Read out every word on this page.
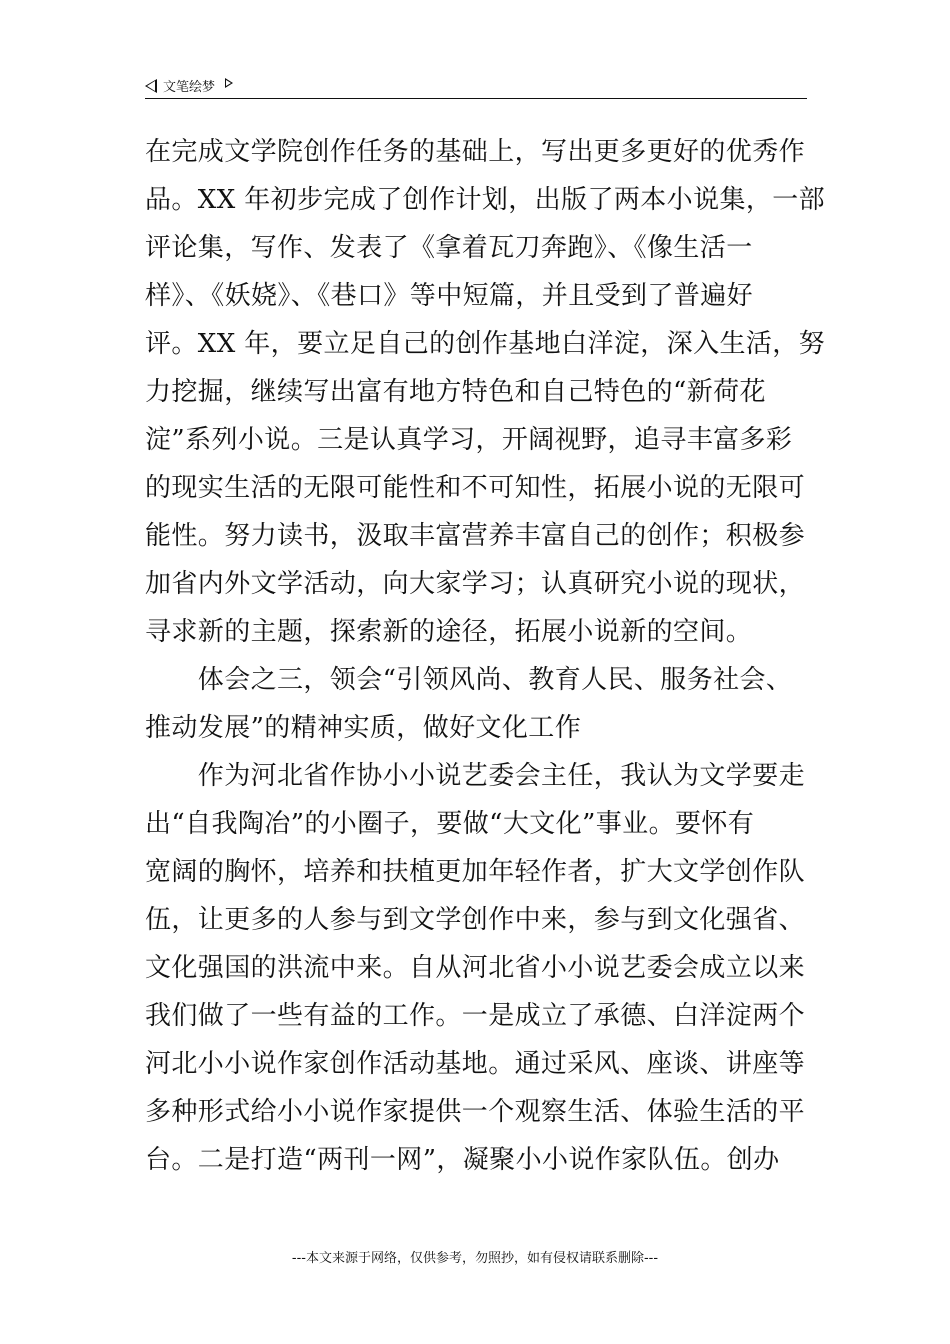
文笔绘梦
在完成文学院创作任务的基础上，写出更多更好的优秀作
品。XX 年初步完成了创作计划，出版了两本小说集，一部
评论集，写作、发表了《拿着瓦刀奔跑》、《像生活一
样》、《妖娆》、《巷口》等中短篇，并且受到了普遍好
评。XX 年，要立足自己的创作基地白洋淀，深入生活，努
力挖掘，继续写出富有地方特色和自己特色的“新荷花
淀”系列小说。三是认真学习，开阔视野，追寻丰富多彩
的现实生活的无限可能性和不可知性，拓展小说的无限可
能性。努力读书，汲取丰富营养丰富自己的创作；积极参
加省内外文学活动，向大家学习；认真研究小说的现状，
寻求新的主题，探索新的途径，拓展小说新的空间。
　　体会之三，领会“引领风尚、教育人民、服务社会、
推动发展”的精神实质，做好文化工作
　　作为河北省作协小小说艺委会主任，我认为文学要走
出“自我陶冶”的小圈子，要做“大文化”事业。要怀有
宽阔的胸怀，培养和扶植更加年轻作者，扩大文学创作队
伍，让更多的人参与到文学创作中来，参与到文化强省、
文化强国的洪流中来。自从河北省小小说艺委会成立以来
我们做了一些有益的工作。一是成立了承德、白洋淀两个
河北小小说作家创作活动基地。通过采风、座谈、讲座等
多种形式给小小说作家提供一个观察生活、体验生活的平
台。二是打造“两刊一网”，凝聚小小说作家队伍。创办
---本文来源于网络，仅供参考，勿照抄，如有侵权请联系删除---
